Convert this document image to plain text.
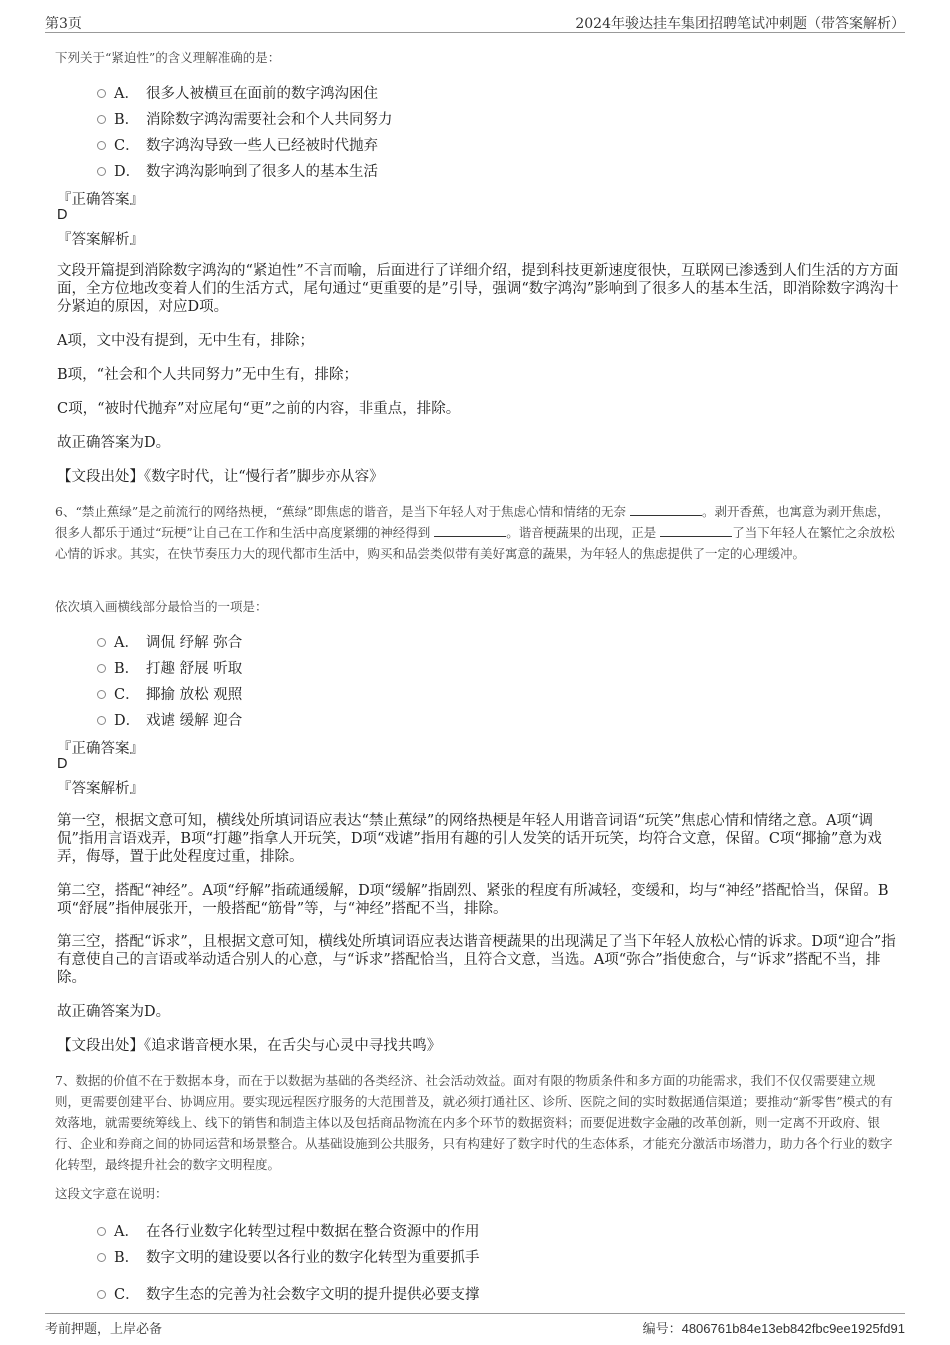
第3页	2024年骏达挂车集团招聘笔试冲刺题（带答案解析）
下列关于“紧迫性”的含义理解准确的是：
A． 很多人被横亘在面前的数字鸿沟困住
B． 消除数字鸿沟需要社会和个人共同努力
C． 数字鸿沟导致一些人已经被时代抛弃
D． 数字鸿沟影响到了很多人的基本生活
『正确答案』
D
『答案解析』
文段开篇提到消除数字鸿沟的“紧迫性”不言而喻，后面进行了详细介绍，提到科技更新速度很快，互联网已渗透到人们生活的方方面面，全方位地改变着人们的生活方式，尾句通过“更重要的是”引导，强调“数字鸿沟”影响到了很多人的基本生活，即消除数字鸿沟十分紧迫的原因，对应D项。
A项，文中没有提到，无中生有，排除；
B项，“社会和个人共同努力”无中生有，排除；
C项，“被时代抛弃”对应尾句“更”之前的内容，非重点，排除。
故正确答案为D。
【文段出处】《数字时代，让“慢行者”脚步亦从容》
6、“禁止蕉绿”是之前流行的网络热梗，“蕉绿”即焦虑的谐音，是当下年轻人对于焦虑心情和情绪的无奈	。剥开香蕉，也寓意为剥开焦虑，很多人都乐于通过“玩梗”让自己在工作和生活中高度紧绷的神经得到	。谐音梗蔬果的出现，正是	了当下年轻人在繁忙之余放松心情的诉求。其实，在快节奏压力大的现代都市生活中，购买和品尝类似带有美好寓意的蔬果，为年轻人的焦虑提供了一定的心理缓冲。
依次填入画横线部分最恰当的一项是：
A． 调侃 纾解 弥合
B． 打趣 舒展 听取
C． 揶揄 放松 观照
D． 戏谑 缓解 迎合
『正确答案』
D
『答案解析』
第一空，根据文意可知，横线处所填词语应表达“禁止蕉绿”的网络热梗是年轻人用谐音词语“玩笑”焦虑心情和情绪之意。A项“调侃”指用言语戏弄，B项“打趣”指拿人开玩笑，D项“戏谑”指用有趣的引人发笑的话开玩笑，均符合文意，保留。C项“揶揄”意为戏弄，侮辱，置于此处程度过重，排除。
第二空，搭配“神经”。A项“纾解”指疏通缓解，D项“缓解”指剧烈、紧张的程度有所减轻，变缓和，均与“神经”搭配恰当，保留。B项“舒展”指伸展张开，一般搭配“筋骨”等，与“神经”搭配不当，排除。
第三空，搭配“诉求”，且根据文意可知，横线处所填词语应表达谐音梗蔬果的出现满足了当下年轻人放松心情的诉求。D项“迎合”指有意使自己的言语或举动适合别人的心意，与“诉求”搭配恰当，且符合文意，当选。A项“弥合”指使愈合，与“诉求”搭配不当，排除。
故正确答案为D。
【文段出处】《追求谐音梗水果，在舌尖与心灵中寻找共鸣》
7、数据的价值不在于数据本身，而在于以数据为基础的各类经济、社会活动效益。面对有限的物质条件和多方面的功能需求，我们不仅仅需要建立规则，更需要创建平台、协调应用。要实现远程医疗服务的大范围普及，就必须打通社区、诊所、医院之间的实时数据通信渠道；要推动“新零售”模式的有效落地，就需要统筹线上、线下的销售和制造主体以及包括商品物流在内多个环节的数据资料；而要促进数字金融的改革创新，则一定离不开政府、银行、企业和券商之间的协同运营和场景整合。从基础设施到公共服务，只有构建好了数字时代的生态体系，才能充分激活市场潜力，助力各个行业的数字化转型，最终提升社会的数字文明程度。
这段文字意在说明：
A． 在各行业数字化转型过程中数据在整合资源中的作用
B． 数字文明的建设要以各行业的数字化转型为重要抓手
C． 数字生态的完善为社会数字文明的提升提供必要支撑
考前押题，上岸必备	编号：4806761b84e13eb842fbc9ee1925fd91
